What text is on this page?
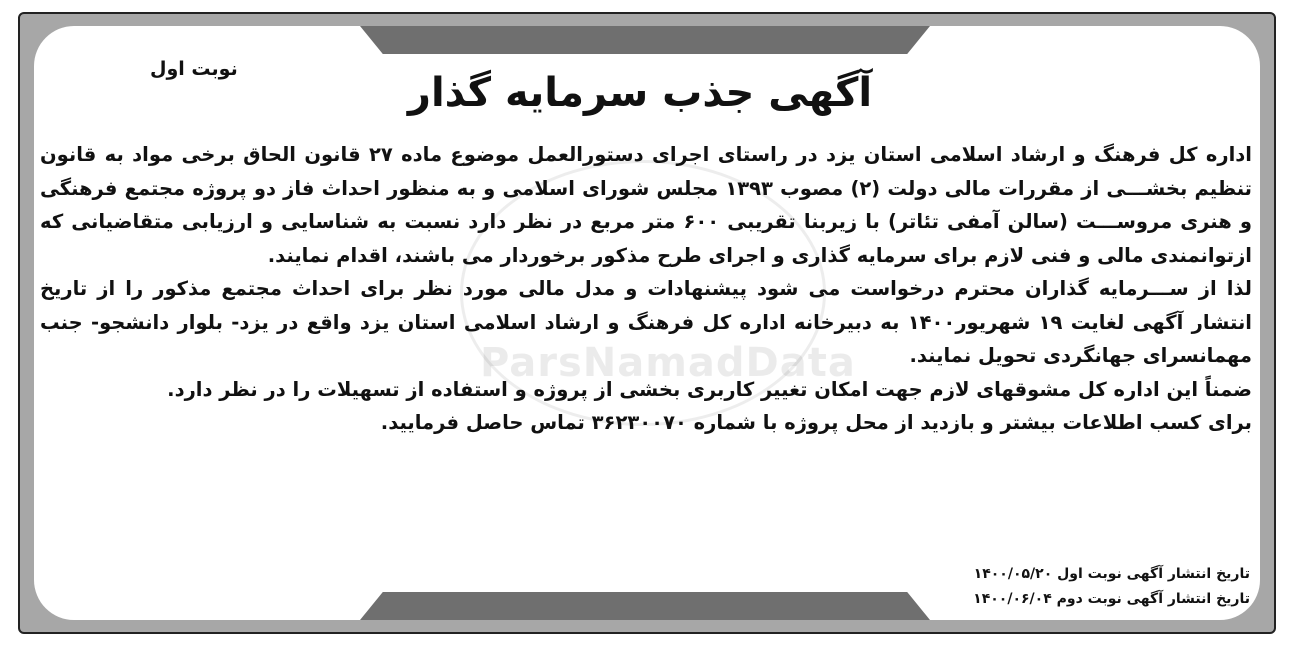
نوبت اول
آگهی جذب سرمایه گذار

اداره کل فرهنگ و ارشاد اسلامی استان یزد در راستای اجرای دستورالعمل موضوع ماده ۲۷ قانون الحاق برخی مواد به قانون تنظیم بخشـــی از مقررات مالی دولت (۲) مصوب ۱۳۹۳ مجلس شورای اسلامی و به منظور احداث فاز دو پروژه مجتمع فرهنگی و هنری مروســـت (سالن آمفی تئاتر) با زیربنا تقریبی ۶۰۰ متر مربع در نظر دارد نسبت به شناسایی و ارزیابی متقاضیانی که ازتوانمندی مالی و فنی لازم برای سرمایه گذاری و اجرای طرح مذکور برخوردار می باشند، اقدام نمایند.

لذا از ســـرمایه گذاران محترم درخواست می شود پیشنهادات و مدل مالی مورد نظر برای احداث مجتمع مذکور را از تاریخ انتشار آگهی لغایت ۱۹ شهریور۱۴۰۰ به دبیرخانه اداره کل فرهنگ و ارشاد اسلامی استان یزد واقع در یزد- بلوار دانشجو- جنب مهمانسرای جهانگردی تحویل نمایند.

ضمناً این اداره کل مشوقهای لازم جهت امکان تغییر کاربری بخشی از پروژه و استفاده از تسهیلات را در نظر دارد.

برای کسب اطلاعات بیشتر و بازدید از محل پروژه با شماره ۳۶۲۳۰۰۷۰ تماس حاصل فرمایید.

تاریخ انتشار آگهی نوبت اول ۱۴۰۰/۰۵/۲۰
تاریخ انتشار آگهی نوبت دوم ۱۴۰۰/۰۶/۰۴
